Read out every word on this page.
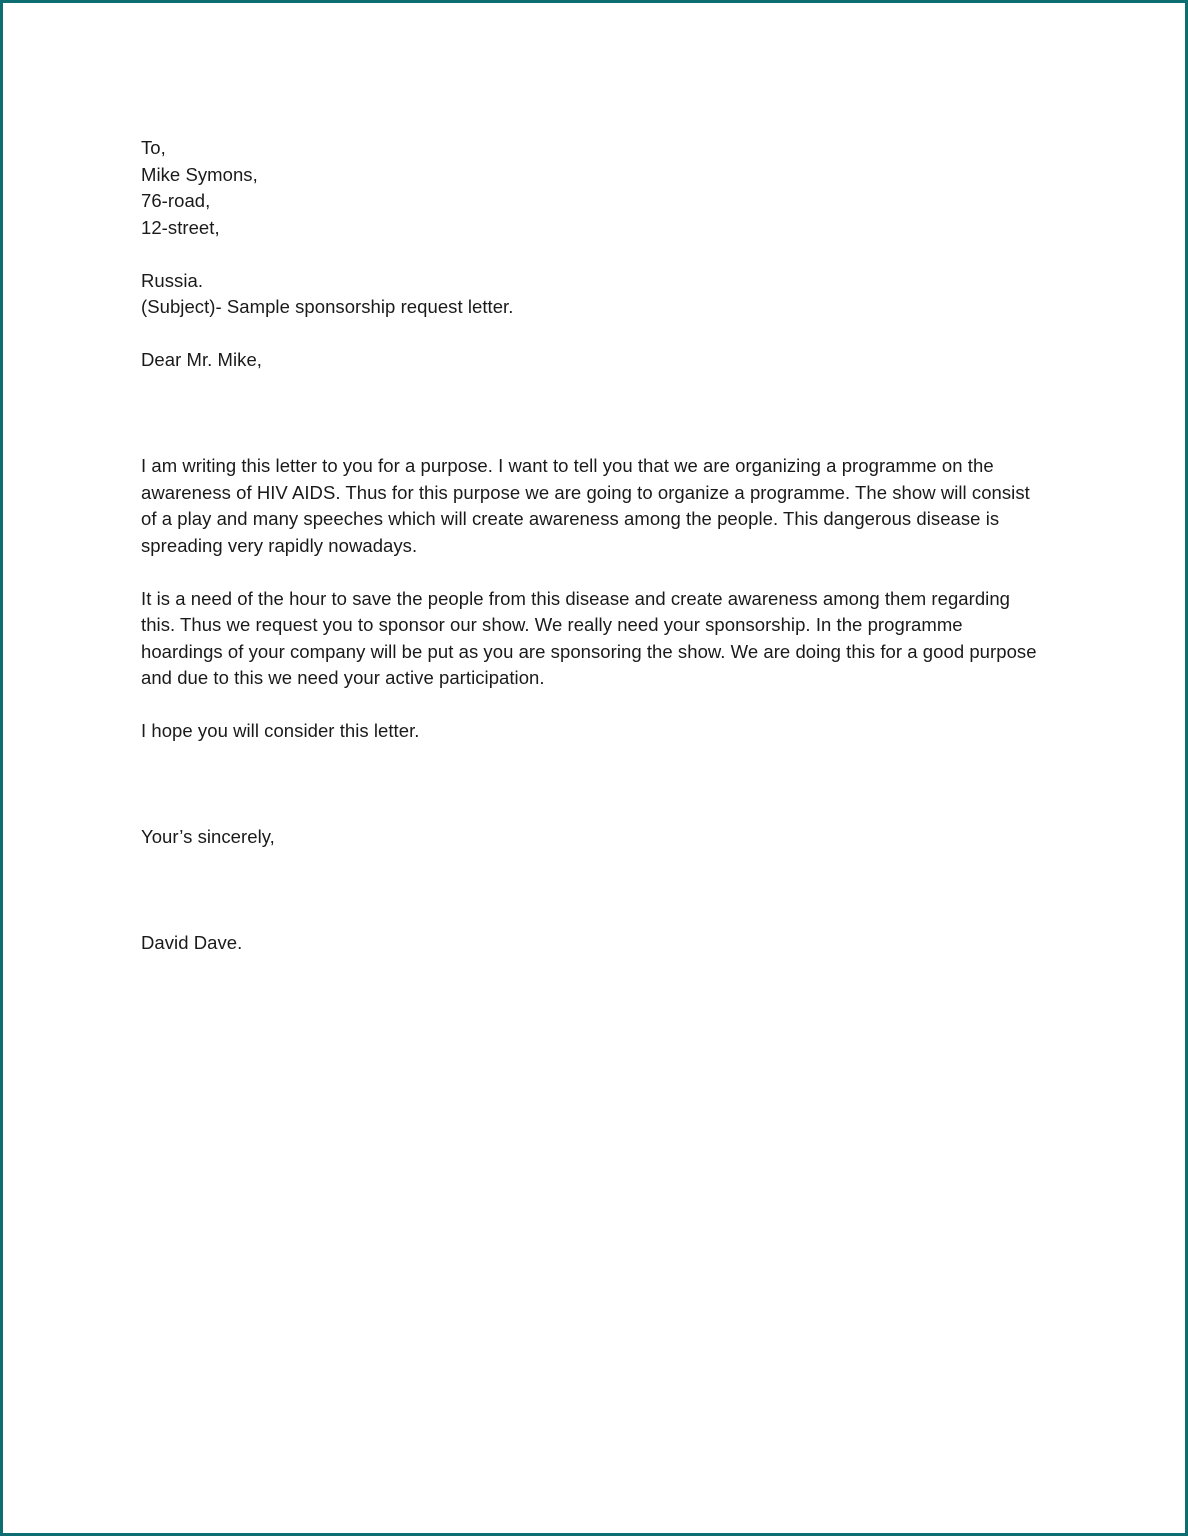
To,
Mike Symons,
76-road,
12-street,
Russia.
(Subject)- Sample sponsorship request letter.
Dear Mr. Mike,

I am writing this letter to you for a purpose. I want to tell you that we are organizing a programme on the awareness of HIV AIDS. Thus for this purpose we are going to organize a programme. The show will consist of a play and many speeches which will create awareness among the people. This dangerous disease is spreading very rapidly nowadays.

It is a need of the hour to save the people from this disease and create awareness among them regarding this. Thus we request you to sponsor our show. We really need your sponsorship. In the programme hoardings of your company will be put as you are sponsoring the show. We are doing this for a good purpose and due to this we need your active participation.

I hope you will consider this letter.

Your’s sincerely,
David Dave.
